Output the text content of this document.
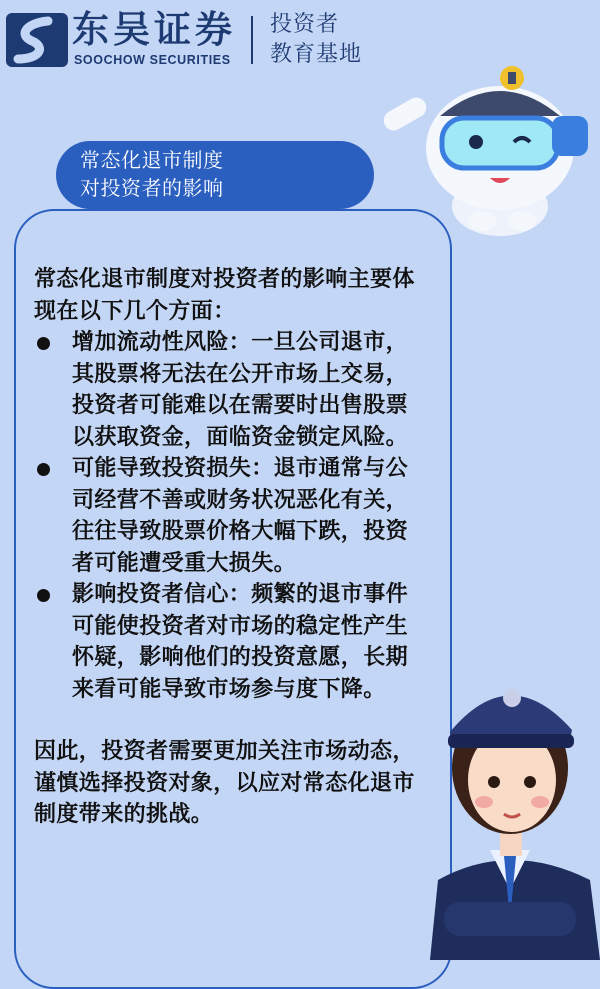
东吴证券
SOOCHOW SECURITIES
投资者
教育基地
常态化退市制度
对投资者的影响

常态化退市制度对投资者的影响主要体现在以下几个方面：

增加流动性风险：一旦公司退市，其股票将无法在公开市场上交易，投资者可能难以在需要时出售股票以获取资金，面临资金锁定风险。
可能导致投资损失：退市通常与公司经营不善或财务状况恶化有关，往往导致股票价格大幅下跌，投资者可能遭受重大损失。
影响投资者信心：频繁的退市事件可能使投资者对市场的稳定性产生怀疑，影响他们的投资意愿，长期来看可能导致市场参与度下降。

因此，投资者需要更加关注市场动态，谨慎选择投资对象，以应对常态化退市制度带来的挑战。
